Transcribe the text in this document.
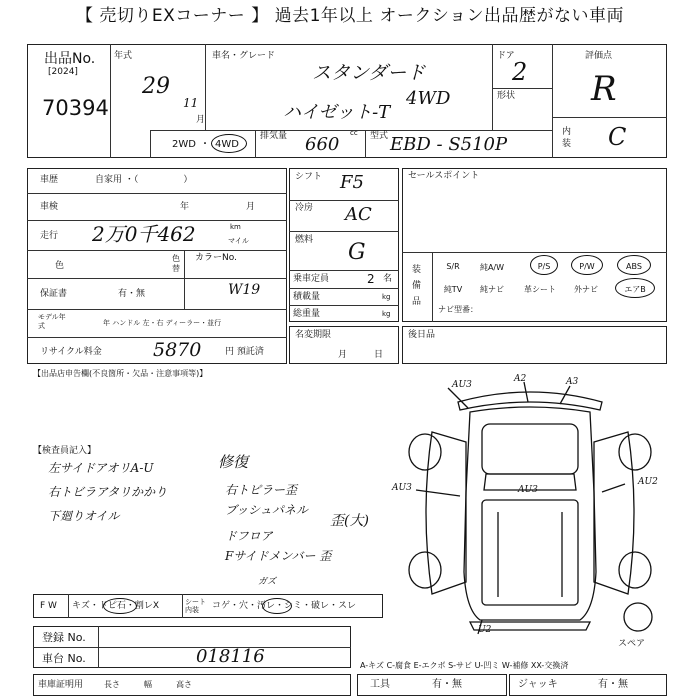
【 売切りEXコーナー 】 過去1年以上 オークション出品歴がない車両
出品No.
[2024]
70394
年式
29
11
月
車名・グレード
スタンダード
4WD
ハイゼット-T
ドア
2
形状
評価点
R
内装 C
2WD ・ 4WD
排気量 660
cc 型式 EBD - S510P
車歴	自家用 ・（　　　　　）
車検	年	月
走行 2万0千462	km
マイル
色
色替
カラーNo.
W19
保証書	有・無
モデル年式	年 ハンドル 左・右 ディーラー・並行
リサイクル料金	5870	円 預託済
シフト F5
冷房 AC
燃料 G
乗車定員	2 名
積載量	kg
総重量	kg
名変期限
月　　　日
セールスポイント
装備品
S/R	純A/W	P/S	P/W	ABS
純TV	純ナビ	革シート	外ナビ	エアB
ナビ型番：
後日品
【出品店申告欄(不良箇所・欠品・注意事項等)】
【検査員記入】
左サイドアオリA-U
右トビラアタリかかり
下廻りオイル
修復
右トピラー歪
ブッシュパネル
歪(大)
ドフロア
Fサイドメンバー 歪
ガズ
AU3
A2	A3
AU2
AU3	AU3
U2
スペア
F W キズ・ドピ石・割レX	シート内装	コゲ・穴・汚レ・シミ・破レ・スレ
登録 No.
車台 No.	018116
車庫証明用	長さ　　　幅　　　高さ
A-キズ C-腐食 E-エクボ S-サビ U-凹ミ W-補修 XX-交換済
工具	有・無	ジャッキ	有・無
